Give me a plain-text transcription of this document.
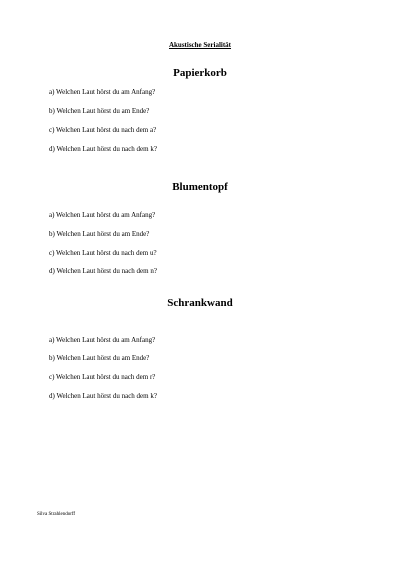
Akustische Serialität
Papierkorb
a) Welchen Laut hörst du am Anfang?
b) Welchen Laut hörst du am Ende?
c) Welchen Laut hörst du nach dem a?
d) Welchen Laut hörst du nach dem k?
Blumentopf
a) Welchen Laut hörst du am Anfang?
b) Welchen Laut hörst du am Ende?
c) Welchen Laut hörst du nach dem u?
d) Welchen Laut hörst du nach dem n?
Schrankwand
a) Welchen Laut hörst du am Anfang?
b) Welchen Laut hörst du am Ende?
c) Welchen Laut hörst du nach dem r?
d) Welchen Laut hörst du nach dem k?
Silva Strahlendorff
